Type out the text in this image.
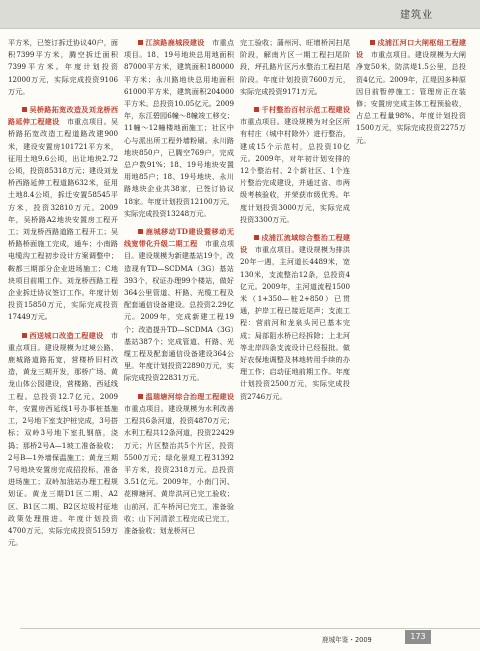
建筑业

平方米，已签订拆迁协议40户，面积7399平方米，腾空拆迁面积7399平方米。年度计划投资12000万元，实际完成投资9106万元。

吴桥路拓宽改造及刘龙桥西路延伸工程建设　 市重点项目。吴桥路拓宽改造工程道路改建900米，建设安置房101721平方米，征用土地9.6公顷，出让地块2.72公顷，投资85318万元；建设刘龙桥西路延伸工程道路632米，征用土地8.4公顷，拆迁安置58545平方米，投资32810万元。2009年，吴桥路A2地块安置房工程开工；刘龙桥西路道路工程开工；吴桥路桥面施工完成，通车；小南路电缆沟工程初步设计方案调整中；鞍都三期部分企业进场施工；C地块项目前期工作。刘龙桥西路工程企业拆迁协议签订工作。年度计划投资15850万元，实际完成投资17449万元。

西送城口改造工程建设　 市重点项目。建设规模为过境公路、鹿城路道路拓宽，营楼桥旧村改造，黄龙三期开发，那桥广场、黄龙山体公园建设，营楼路、西延线工程。总投资12.7亿元。2009年，安置房西延线1号办事桩基施工，2号地下室支护桩完成，3号搭标；双岭3号地下室扎钢筋，浇捣；那桥2号A—1坡工准备验收；2号B—1外墙保温施工；黄龙三期7号地块安置房完成招投标，准备进场施工；双岭加油站办理工程规划证。黄龙三期D1区二期、A2区、B1区二期、B2区垃圾村征地政策处理推进。年度计划投资4700万元，实际完成投资5159万元。

江滨路鹿城段建设　 市重点项目。18、19号地块总用地面积87000平方米，建筑面积180000平方米；永川路地块总用地面积61000平方米，建筑面积204000平方米。总投资10.05亿元。2009年，东江碧园6幢～8幢竣工移交；11幢～12幢楼地面施工；社区中心与派出所工程外墙粉刷。永川路地块850户，已腾空769户，完成总户数91%；18、19号地块安置用地85户；18、19号地块、永川路地块企业共38家，已签订协议18家。年度计划投资12100万元，实际完成投资13248万元。

鹿城移动TD建设暨移动无线宽带化升级二期工程　 市重点项目。建设规模为新建基站19个，改造现有TD—SCDMA（3G）基站393个，权证办理99个楼站，做好364公里管道、杆路、光缆工程及配套通信设备建设。总投资2.29亿元。2009年，完成新建工程19个；改造提升TD—SCDMA（3G）基站387个；完成管道、杆路、光缆工程及配套通信设备建设364公里。年度计划投资22890万元，实际完成投资22831万元。

温瑞塘河综合治理工程建设　市重点项目。建设规模为水利改善工程共6条河道，投资4870万元；水利工程共12条河道，投资22429万元；片区整治共5个片区，投资5500万元；绿化景观工程31392平方米，投资2318万元。总投资3.51亿元。2009年，小南门河、花柳塘河、黄岸洪河已完工验收；山前河、汇车桥河已完工，准备验收；山下河清淤工程完成已完工，准备验收；划龙桥河已

完工验收；蒲州河、旺增桥河扫尾阶段，解南片区一期工程扫尾阶段，坪孔路片区污水整治工程扫尾阶段。年度计划投资7600万元，实际完成投资9171万元。

千村整治百村示范工程建设　市重点项目。建设规模为对全区所有村庄（城中村除外）进行整治，建成15个示范村，总投资10亿元。2009年，对年初计划安排的12个整治村、2个新社区、1个连片整治完成建设，并通过省、市两级考核验收，并荣获市级优秀。年度计划投资3000万元，实际完成投资3300万元。

戍浦江流域综合整治工程建设　 市重点项目。建设规模为排洪20年一遇，主河道长4489米，宽130米，支流整治12条，总投资4亿元。2009年，主河道流程1500米（1+350—桩2+850）已贯通，护岸工程已接近尾声；支流工程：营前河和龙泉头河已基本完成；局部阻水桥已经拆除；上北河等北岸四条支流设计已经报批。做好农保地调整及林地转用手续的办理工作；启动征地前期工作。年度计划投资2500万元，实际完成投资2746万元。

戍浦江河口大闸枢纽工程建设　 市重点项目。建设规模为大闸净宽50米，防洪堤1.5公里，总投资4亿元。2009年，江堤因多种原因目前暂停施工；管理房正在装修；安置房完成主体工程预验收，占总工程量98%。年度计划投资1500万元，实际完成投资2275万元。

鹿城年鉴・2009	173
